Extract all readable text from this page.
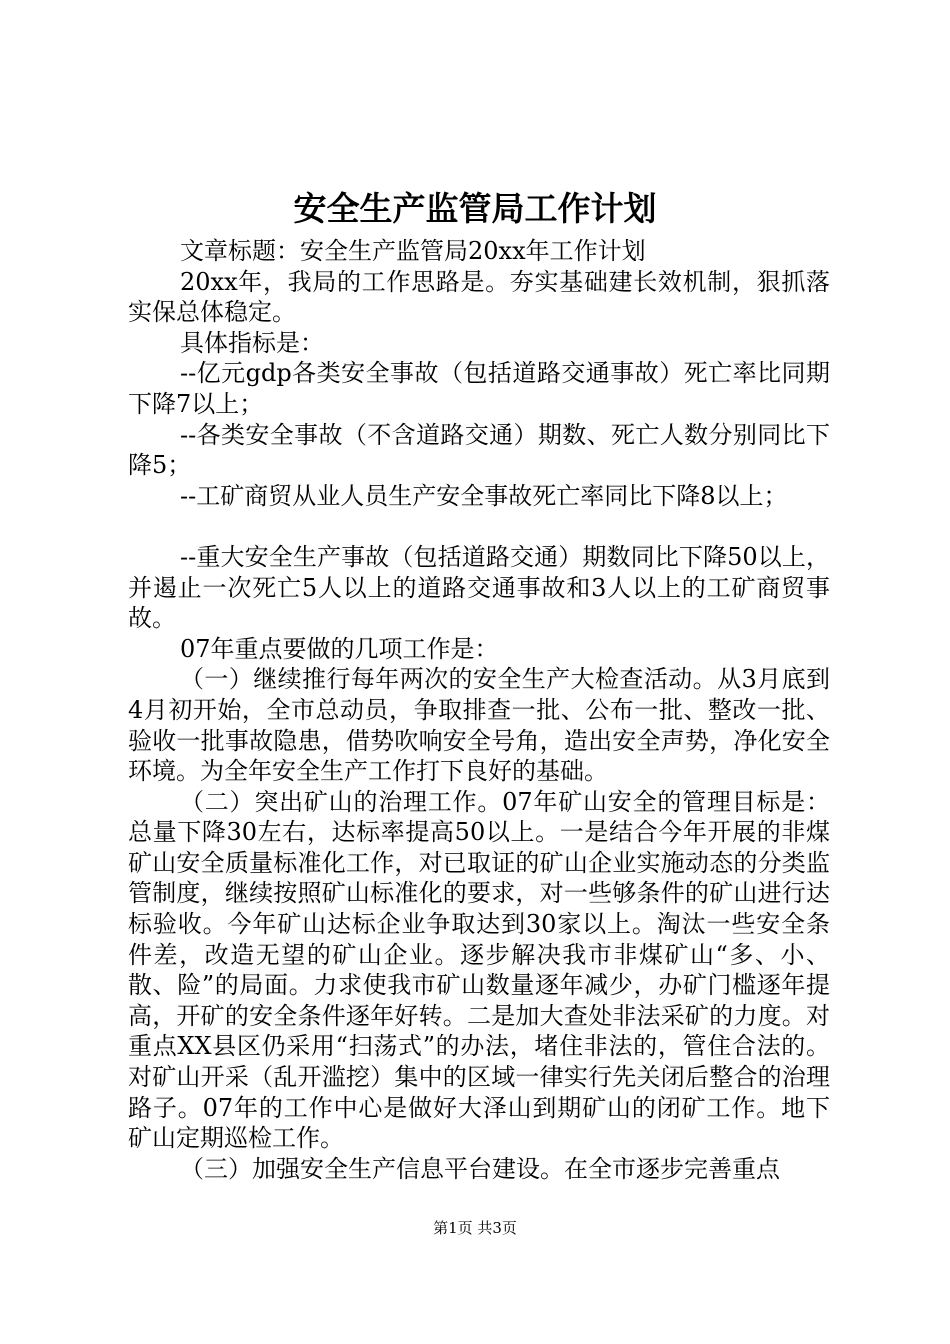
安全生产监管局工作计划

文章标题：安全生产监管局20xx年工作计划

20xx年，我局的工作思路是。夯实基础建长效机制，狠抓落实保总体稳定。

具体指标是：

--亿元gdp各类安全事故（包括道路交通事故）死亡率比同期下降7以上；

--各类安全事故（不含道路交通）期数、死亡人数分别同比下降5；

--工矿商贸从业人员生产安全事故死亡率同比下降8以上；

--重大安全生产事故（包括道路交通）期数同比下降50以上，并遏止一次死亡5人以上的道路交通事故和3人以上的工矿商贸事故。

07年重点要做的几项工作是：

（一）继续推行每年两次的安全生产大检查活动。从3月底到4月初开始，全市总动员，争取排查一批、公布一批、整改一批、验收一批事故隐患，借势吹响安全号角，造出安全声势，净化安全环境。为全年安全生产工作打下良好的基础。

（二）突出矿山的治理工作。07年矿山安全的管理目标是：总量下降30左右，达标率提高50以上。一是结合今年开展的非煤矿山安全质量标准化工作，对已取证的矿山企业实施动态的分类监管制度，继续按照矿山标准化的要求，对一些够条件的矿山进行达标验收。今年矿山达标企业争取达到30家以上。淘汰一些安全条件差，改造无望的矿山企业。逐步解决我市非煤矿山“多、小、散、险”的局面。力求使我市矿山数量逐年减少，办矿门槛逐年提高，开矿的安全条件逐年好转。二是加大查处非法采矿的力度。对重点XX县区仍采用“扫荡式”的办法，堵住非法的，管住合法的。对矿山开采（乱开滥挖）集中的区域一律实行先关闭后整合的治理路子。07年的工作中心是做好大泽山到期矿山的闭矿工作。地下矿山定期巡检工作。

（三）加强安全生产信息平台建设。在全市逐步完善重点

第1页 共3页
